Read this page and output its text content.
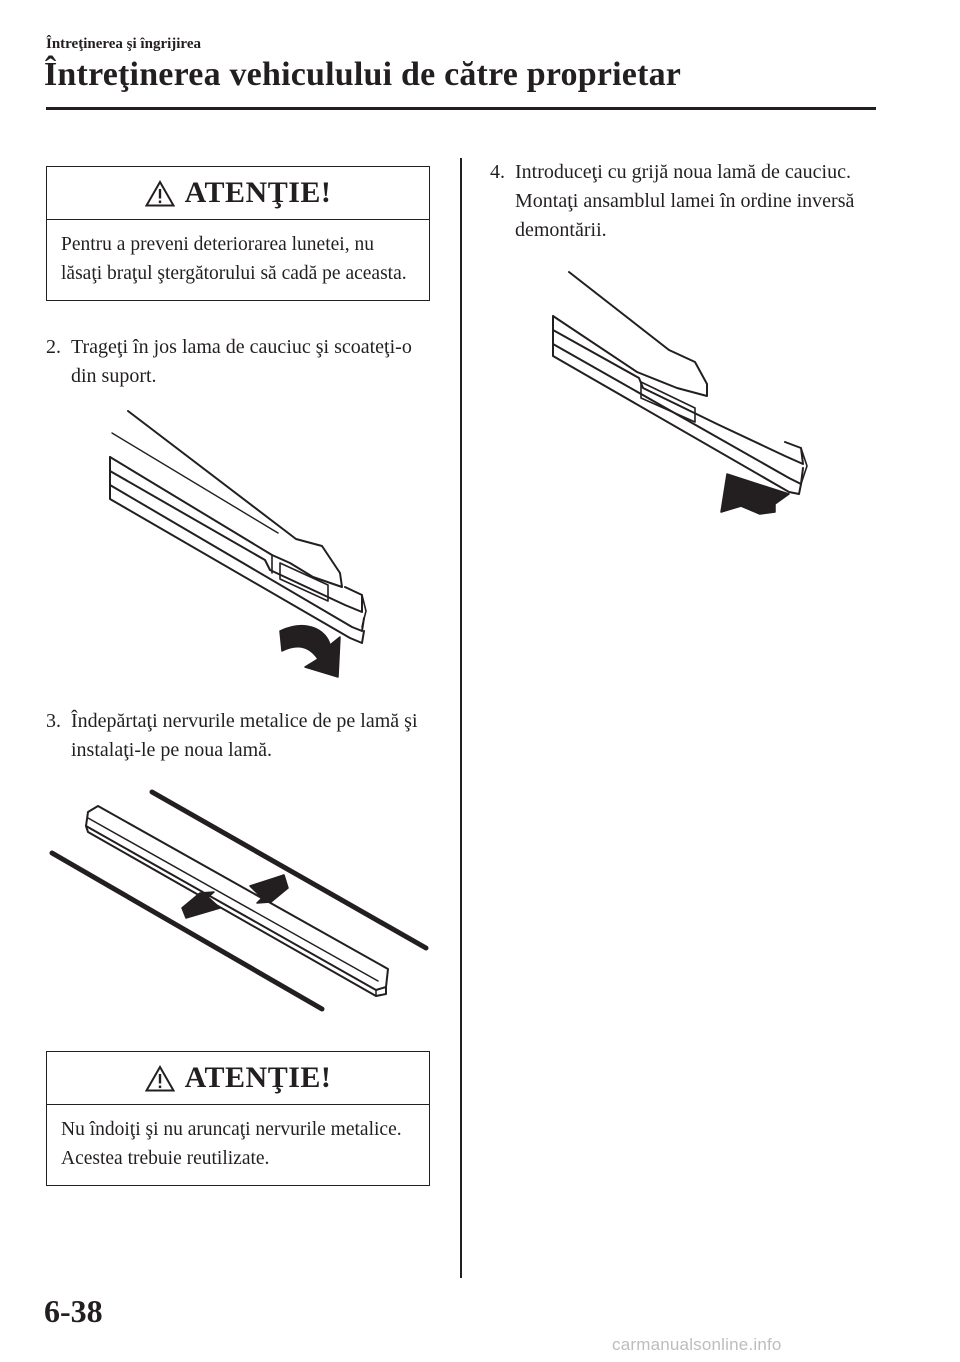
Întreţinerea şi îngrijirea
Întreţinerea vehiculului de către proprietar
ATENŢIE!
Pentru a preveni deteriorarea lunetei, nu lăsaţi braţul ştergătorului să cadă pe aceasta.
2. Trageţi în jos lama de cauciuc şi scoateţi-o din suport.
3. Îndepărtaţi nervurile metalice de pe lamă şi instalaţi-le pe noua lamă.
ATENŢIE!
Nu îndoiţi şi nu aruncaţi nervurile metalice. Acestea trebuie reutilizate.
4. Introduceţi cu grijă noua lamă de cauciuc. Montaţi ansamblul lamei în ordine inversă demontării.
6-38
carmanualsonline.info
